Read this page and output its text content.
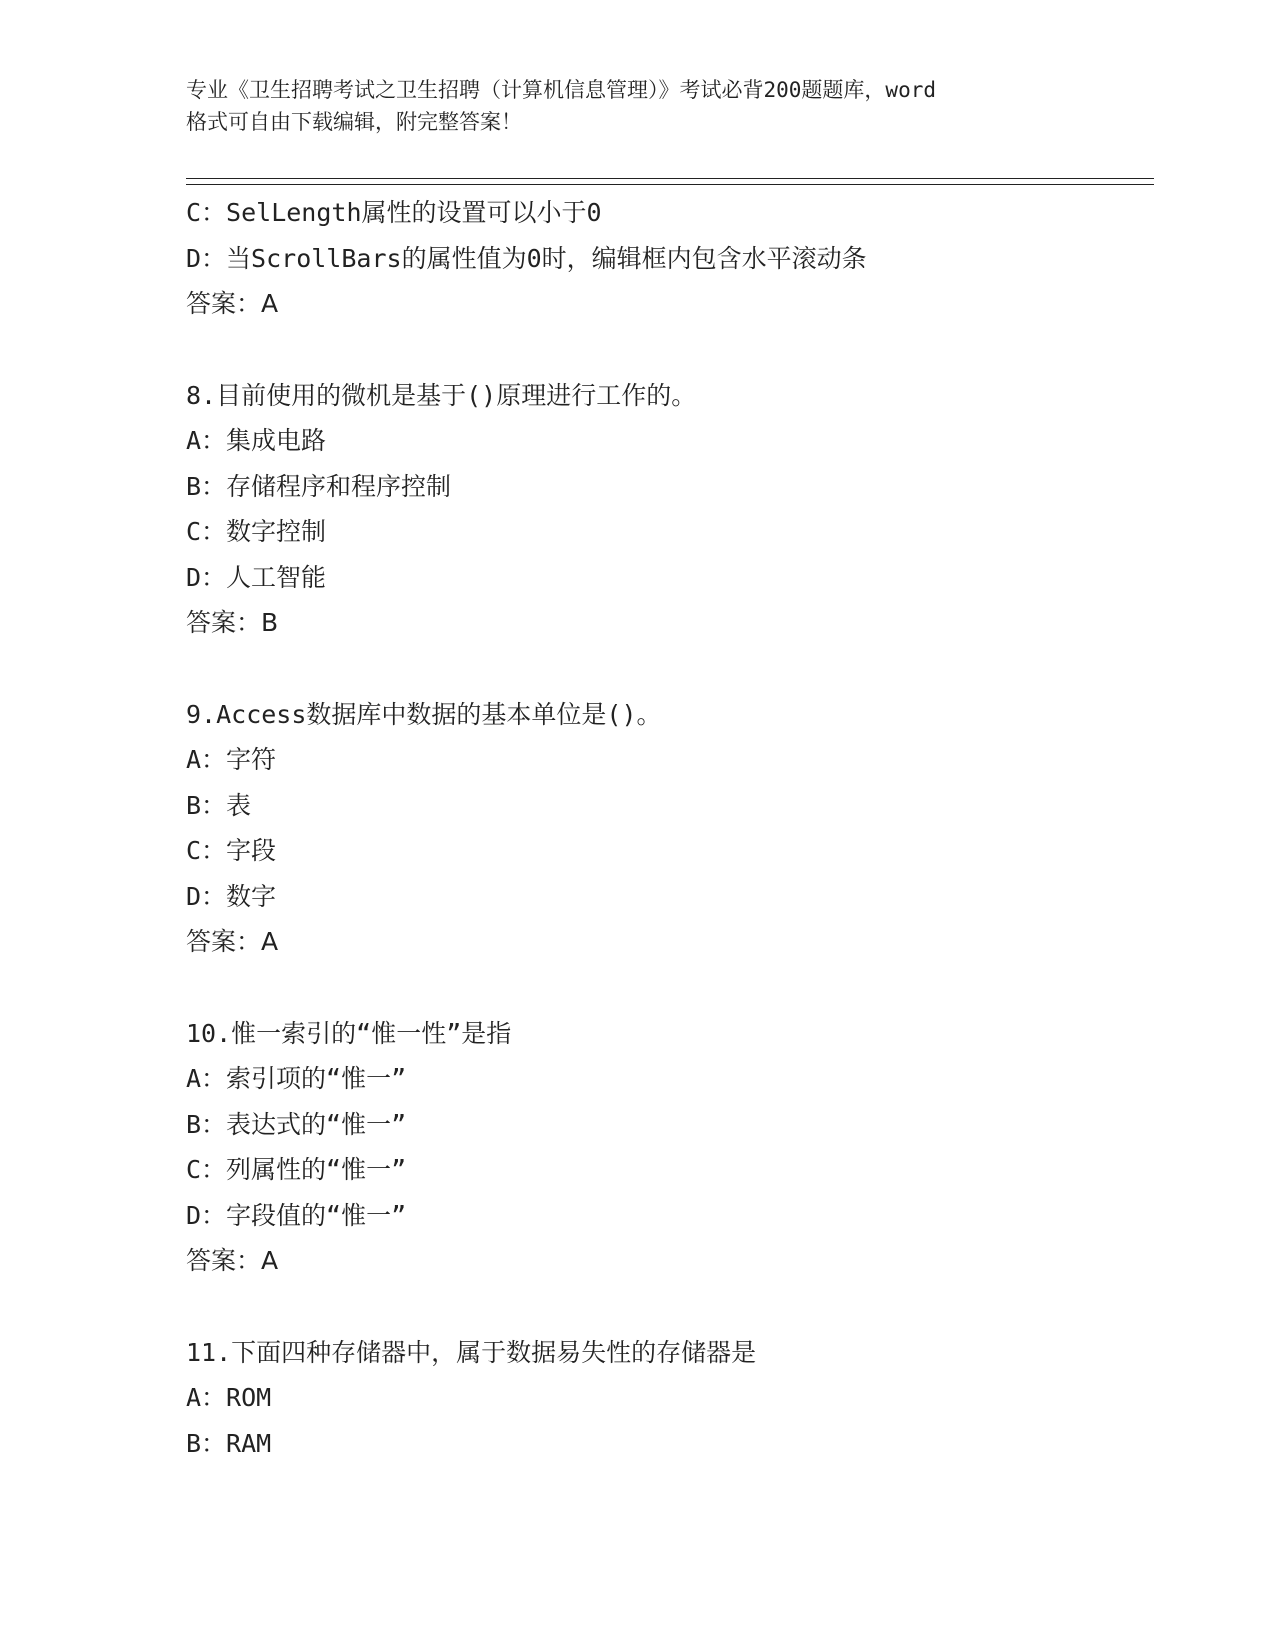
专业《卫生招聘考试之卫生招聘（计算机信息管理）》考试必背200题题库，word
格式可自由下载编辑，附完整答案！
C：SelLength属性的设置可以小于0
D：当ScrollBars的属性值为0时，编辑框内包含水平滚动条
答案：A
8.目前使用的微机是基于()原理进行工作的。
A：集成电路
B：存储程序和程序控制
C：数字控制
D：人工智能
答案：B
9.Access数据库中数据的基本单位是()。
A：字符
B：表
C：字段
D：数字
答案：A
10.惟一索引的“惟一性”是指
A：索引项的“惟一”
B：表达式的“惟一”
C：列属性的“惟一”
D：字段值的“惟一”
答案：A
11.下面四种存储器中，属于数据易失性的存储器是
A：ROM
B：RAM
